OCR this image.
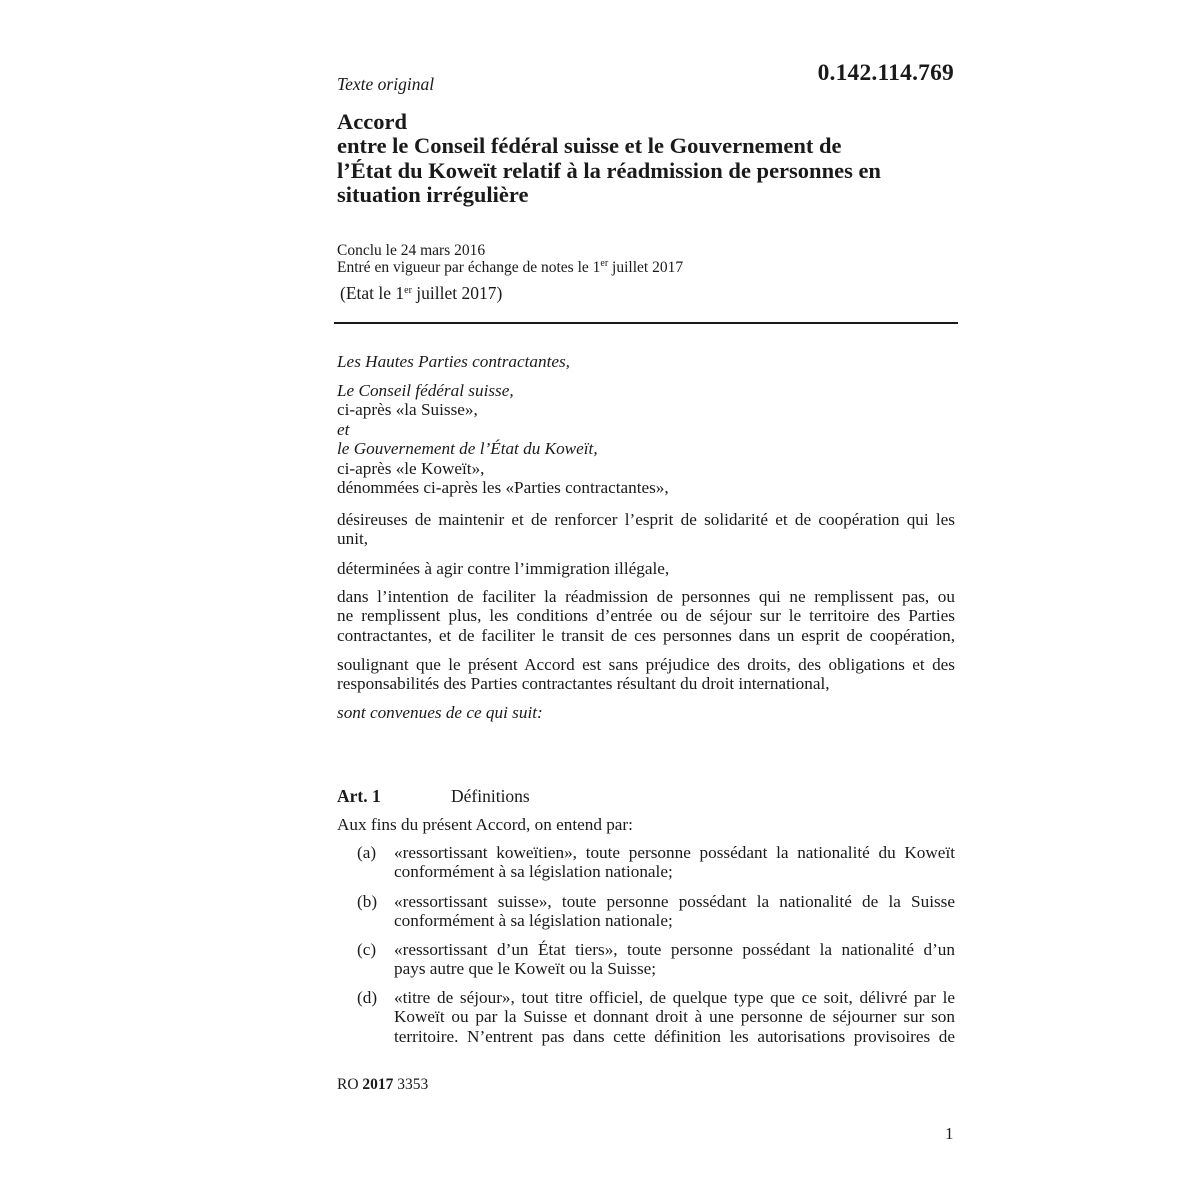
Texte original	0.142.114.769
Accord
entre le Conseil fédéral suisse et le Gouvernement de
l’État du Koweït relatif à la réadmission de personnes en
situation irrégulière
Conclu le 24 mars 2016
Entré en vigueur par échange de notes le 1er juillet 2017
(Etat le 1er juillet 2017)
Les Hautes Parties contractantes,
Le Conseil fédéral suisse,
ci-après «la Suisse»,
et
le Gouvernement de l’État du Koweït,
ci-après «le Koweït»,
dénommées ci-après les «Parties contractantes»,
désireuses de maintenir et de renforcer l’esprit de solidarité et de coopération qui les
unit,
déterminées à agir contre l’immigration illégale,
dans l’intention de faciliter la réadmission de personnes qui ne remplissent pas, ou
ne remplissent plus, les conditions d’entrée ou de séjour sur le territoire des Parties
contractantes, et de faciliter le transit de ces personnes dans un esprit de coopération,
soulignant que le présent Accord est sans préjudice des droits, des obligations et des
responsabilités des Parties contractantes résultant du droit international,
sont convenues de ce qui suit:
Art. 1	Définitions
Aux fins du présent Accord, on entend par:
(a) «ressortissant koweïtien», toute personne possédant la nationalité du Koweït
conformément à sa législation nationale;
(b) «ressortissant suisse», toute personne possédant la nationalité de la Suisse
conformément à sa législation nationale;
(c) «ressortissant d’un État tiers», toute personne possédant la nationalité d’un
pays autre que le Koweït ou la Suisse;
(d) «titre de séjour», tout titre officiel, de quelque type que ce soit, délivré par le
Koweït ou par la Suisse et donnant droit à une personne de séjourner sur son
territoire. N’entrent pas dans cette définition les autorisations provisoires de
RO 2017 3353
1
